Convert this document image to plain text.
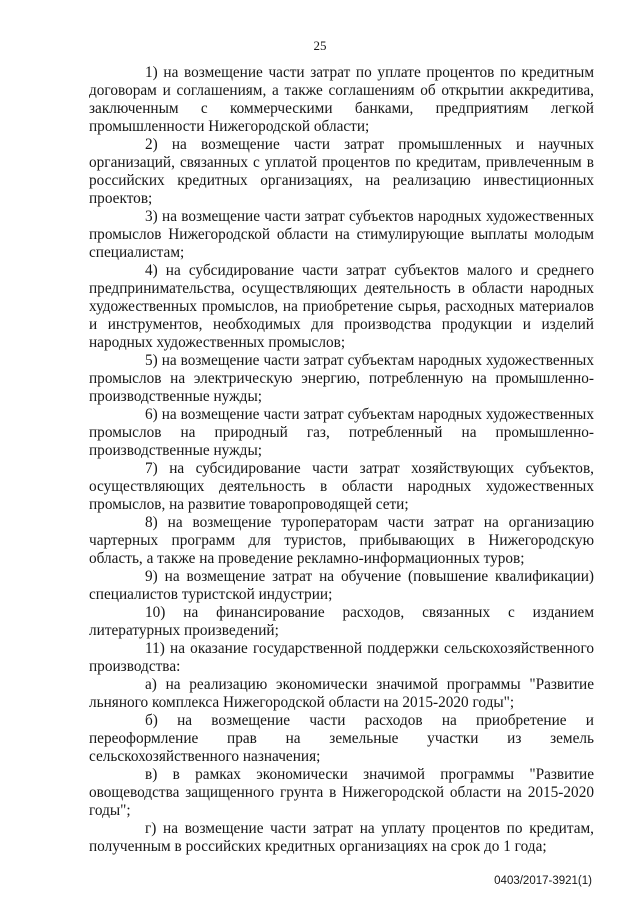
25

1) на возмещение части затрат по уплате процентов по кредитным договорам и соглашениям, а также соглашениям об открытии аккредитива, заключенным с коммерческими банками, предприятиям легкой промышленности Нижегородской области;

2) на возмещение части затрат промышленных и научных организаций, связанных с уплатой процентов по кредитам, привлеченным в российских кредитных организациях, на реализацию инвестиционных проектов;

3) на возмещение части затрат субъектов народных художественных промыслов Нижегородской области на стимулирующие выплаты молодым специалистам;

4) на субсидирование части затрат субъектов малого и среднего предпринимательства, осуществляющих деятельность в области народных художественных промыслов, на приобретение сырья, расходных материалов и инструментов, необходимых для производства продукции и изделий народных художественных промыслов;

5) на возмещение части затрат субъектам народных художественных промыслов на электрическую энергию, потребленную на промышленно-производственные нужды;

6) на возмещение части затрат субъектам народных художественных промыслов на природный газ, потребленный на промышленно-производственные нужды;

7) на субсидирование части затрат хозяйствующих субъектов, осуществляющих деятельность в области народных художественных промыслов, на развитие товаропроводящей сети;

8) на возмещение туроператорам части затрат на организацию чартерных программ для туристов, прибывающих в Нижегородскую область, а также на проведение рекламно-информационных туров;

9) на возмещение затрат на обучение (повышение квалификации) специалистов туристской индустрии;

10) на финансирование расходов, связанных с изданием литературных произведений;

11) на оказание государственной поддержки сельскохозяйственного производства:

а) на реализацию экономически значимой программы "Развитие льняного комплекса Нижегородской области на 2015-2020 годы";

б) на возмещение части расходов на приобретение и переоформление прав на земельные участки из земель сельскохозяйственного назначения;

в) в рамках экономически значимой программы "Развитие овощеводства защищенного грунта в Нижегородской области на 2015-2020 годы";

г) на возмещение части затрат на уплату процентов по кредитам, полученным в российских кредитных организациях на срок до 1 года;

0403/2017-3921(1)
